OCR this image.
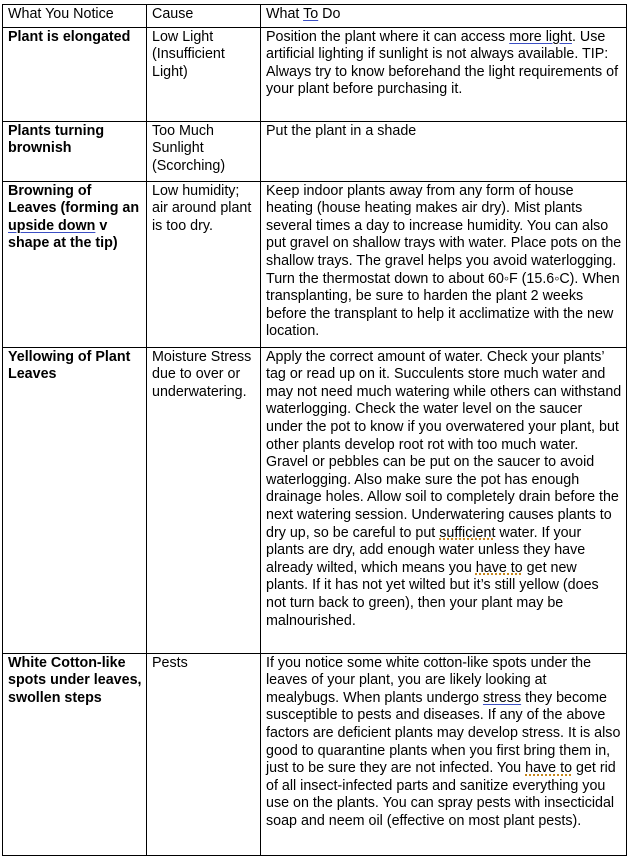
What You Notice	Cause	What To Do
Plant is elongated	Low Light (Insufficient Light)	Position the plant where it can access more light. Use artificial lighting if sunlight is not always available. TIP: Always try to know beforehand the light requirements of your plant before purchasing it.
Plants turning brownish	Too Much Sunlight (Scorching)	Put the plant in a shade
Browning of Leaves (forming an upside down v shape at the tip)	Low humidity; air around plant is too dry.	Keep indoor plants away from any form of house heating (house heating makes air dry). Mist plants several times a day to increase humidity. You can also put gravel on shallow trays with water. Place pots on the shallow trays. The gravel helps you avoid waterlogging. Turn the thermostat down to about 60◦F (15.6◦C). When transplanting, be sure to harden the plant 2 weeks before the transplant to help it acclimatize with the new location.
Yellowing of Plant Leaves	Moisture Stress due to over or underwatering.	Apply the correct amount of water. Check your plants’ tag or read up on it. Succulents store much water and may not need much watering while others can withstand waterlogging. Check the water level on the saucer under the pot to know if you overwatered your plant, but other plants develop root rot with too much water. Gravel or pebbles can be put on the saucer to avoid waterlogging. Also make sure the pot has enough drainage holes. Allow soil to completely drain before the next watering session. Underwatering causes plants to dry up, so be careful to put sufficient water. If your plants are dry, add enough water unless they have already wilted, which means you have to get new plants. If it has not yet wilted but it’s still yellow (does not turn back to green), then your plant may be malnourished.
White Cotton-like spots under leaves, swollen steps	Pests	If you notice some white cotton-like spots under the leaves of your plant, you are likely looking at mealybugs. When plants undergo stress they become susceptible to pests and diseases. If any of the above factors are deficient plants may develop stress. It is also good to quarantine plants when you first bring them in, just to be sure they are not infected. You have to get rid of all insect-infected parts and sanitize everything you use on the plants. You can spray pests with insecticidal soap and neem oil (effective on most plant pests).
